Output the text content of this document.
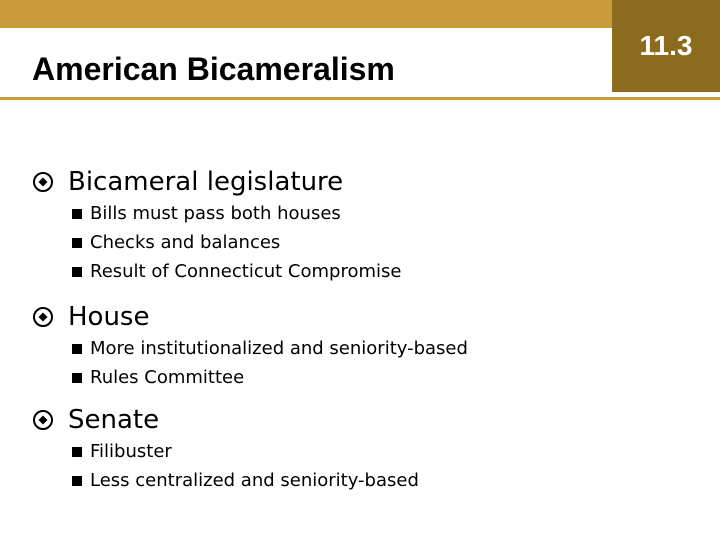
11.3
American Bicameralism
Bicameral legislature
Bills must pass both houses
Checks and balances
Result of Connecticut Compromise
House
More institutionalized and seniority-based
Rules Committee
Senate
Filibuster
Less centralized and seniority-based
